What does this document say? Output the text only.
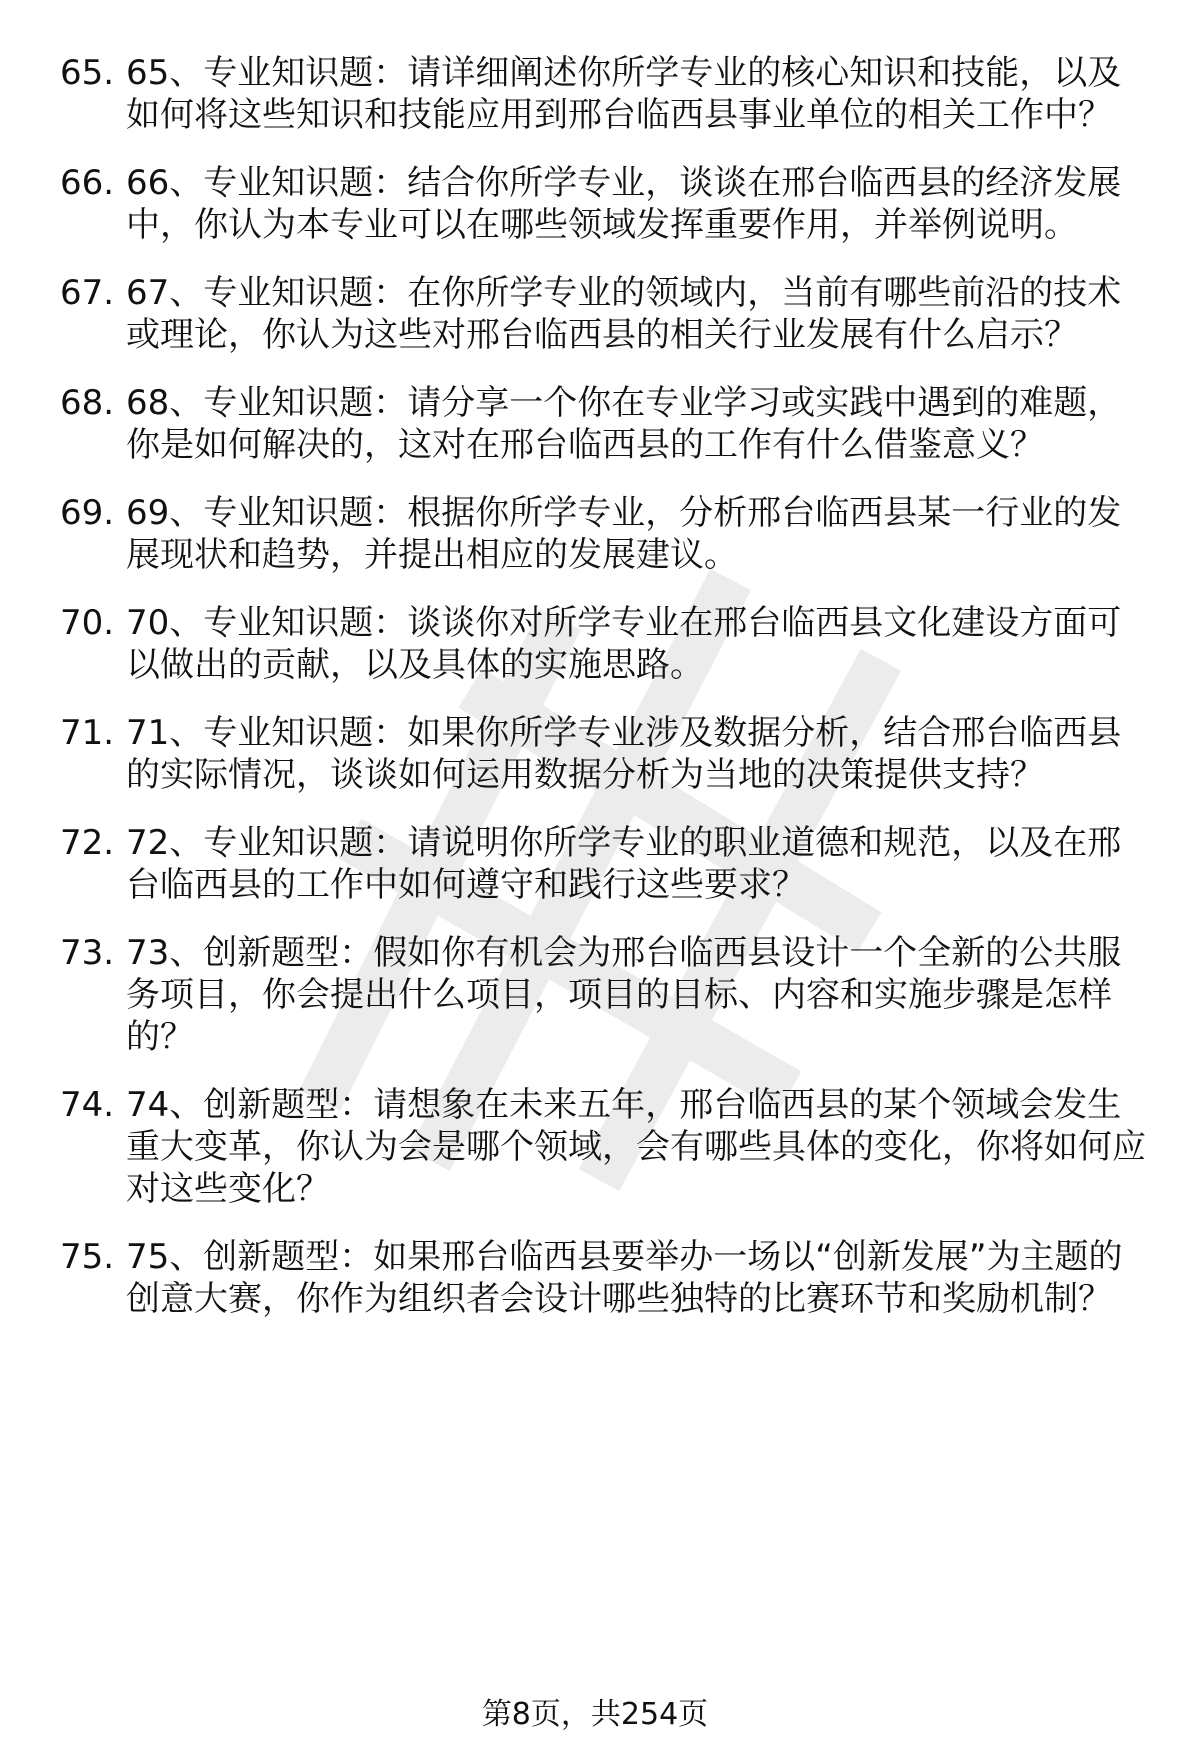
65. 65、专业知识题：请详细阐述你所学专业的核心知识和技能，以及如何将这些知识和技能应用到邢台临西县事业单位的相关工作中？
66. 66、专业知识题：结合你所学专业，谈谈在邢台临西县的经济发展中，你认为本专业可以在哪些领域发挥重要作用，并举例说明。
67. 67、专业知识题：在你所学专业的领域内，当前有哪些前沿的技术或理论，你认为这些对邢台临西县的相关行业发展有什么启示？
68. 68、专业知识题：请分享一个你在专业学习或实践中遇到的难题，你是如何解决的，这对在邢台临西县的工作有什么借鉴意义？
69. 69、专业知识题：根据你所学专业，分析邢台临西县某一行业的发展现状和趋势，并提出相应的发展建议。
70. 70、专业知识题：谈谈你对所学专业在邢台临西县文化建设方面可以做出的贡献，以及具体的实施思路。
71. 71、专业知识题：如果你所学专业涉及数据分析，结合邢台临西县的实际情况，谈谈如何运用数据分析为当地的决策提供支持？
72. 72、专业知识题：请说明你所学专业的职业道德和规范，以及在邢台临西县的工作中如何遵守和践行这些要求？
73. 73、创新题型：假如你有机会为邢台临西县设计一个全新的公共服务项目，你会提出什么项目，项目的目标、内容和实施步骤是怎样的？
74. 74、创新题型：请想象在未来五年，邢台临西县的某个领域会发生重大变革，你认为会是哪个领域，会有哪些具体的变化，你将如何应对这些变化？
75. 75、创新题型：如果邢台临西县要举办一场以“创新发展”为主题的创意大赛，你作为组织者会设计哪些独特的比赛环节和奖励机制？
第8页，共254页
